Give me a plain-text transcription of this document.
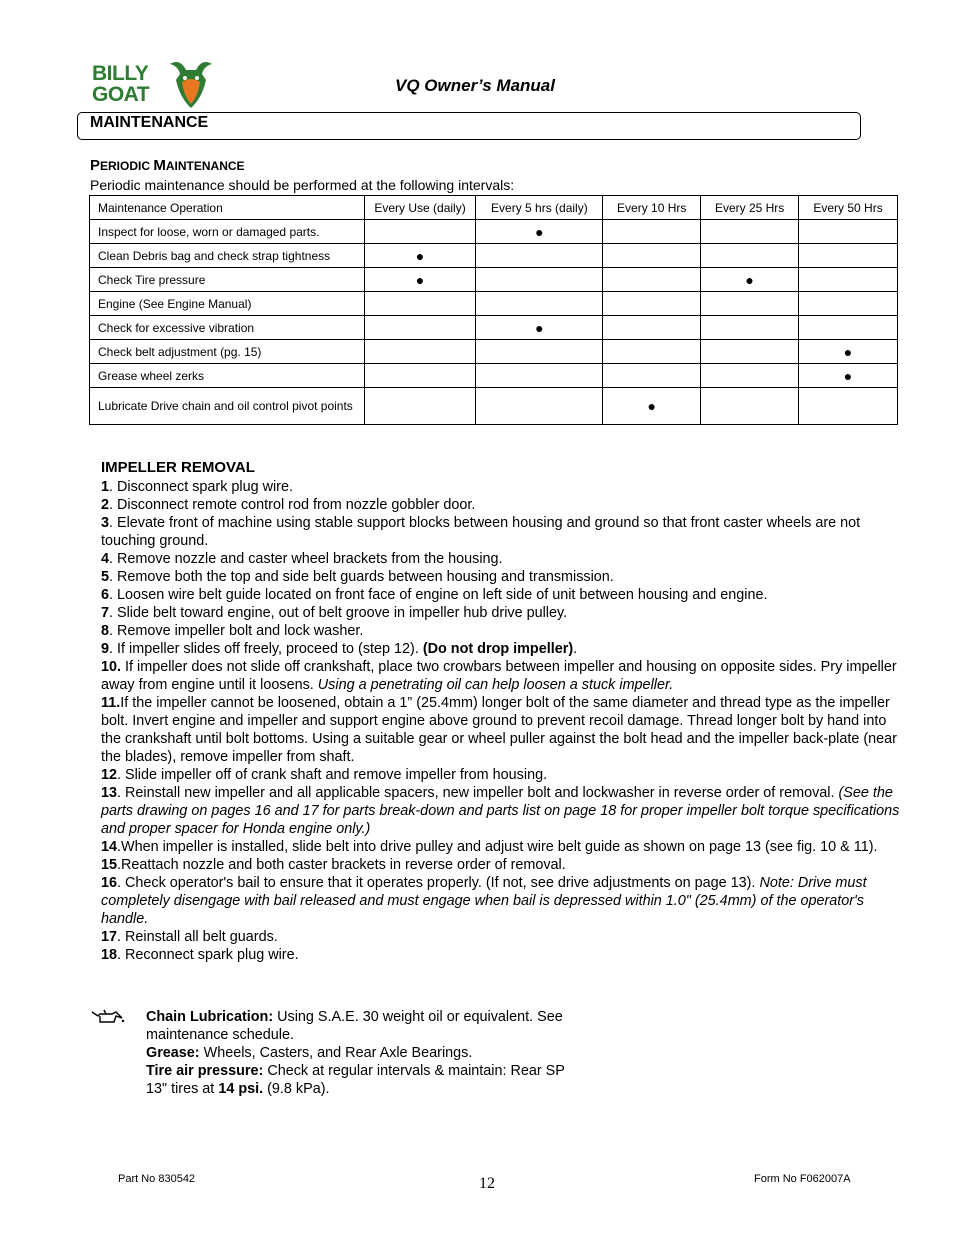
BILLY
GOAT	VQ Owner’s Manual
MAINTENANCE
PERIODIC MAINTENANCE
Periodic maintenance should be performed at the following intervals:
Maintenance Operation	Every Use (daily)	Every 5 hrs (daily)	Every 10 Hrs	Every 25 Hrs	Every 50 Hrs
Inspect for loose, worn or damaged parts.		●			
Clean Debris bag and check strap tightness	●				
Check Tire pressure	●			●	
Engine (See Engine Manual)					
Check for excessive vibration		●			
Check belt adjustment (pg. 15)					●
Grease wheel zerks					●
Lubricate Drive chain and oil control pivot points			●		
IMPELLER REMOVAL

1. Disconnect spark plug wire.

2. Disconnect remote control rod from nozzle gobbler door.

3. Elevate front of machine using stable support blocks between housing and ground so that front caster wheels are not touching ground.

4. Remove nozzle and caster wheel brackets from the housing.

5. Remove both the top and side belt guards between housing and transmission.

6. Loosen wire belt guide located on front face of engine on left side of unit between housing and engine.

7. Slide belt toward engine, out of belt groove in impeller hub drive pulley.

8. Remove impeller bolt and lock washer.

9. If impeller slides off freely, proceed to (step 12). (Do not drop impeller).

10. If impeller does not slide off crankshaft, place two crowbars between impeller and housing on opposite sides. Pry impeller away from engine until it loosens. Using a penetrating oil can help loosen a stuck impeller.

11.If the impeller cannot be loosened, obtain a 1” (25.4mm) longer bolt of the same diameter and thread type as the impeller bolt. Invert engine and impeller and support engine above ground to prevent recoil damage. Thread longer bolt by hand into the crankshaft until bolt bottoms. Using a suitable gear or wheel puller against the bolt head and the impeller back-plate (near the blades), remove impeller from shaft.

12. Slide impeller off of crank shaft and remove impeller from housing.

13. Reinstall new impeller and all applicable spacers, new impeller bolt and lockwasher in reverse order of removal. (See the parts drawing on pages 16 and 17 for parts break-down and parts list on page 18 for proper impeller bolt torque specifications and proper spacer for Honda engine only.)

14.When impeller is installed, slide belt into drive pulley and adjust wire belt guide as shown on page 13 (see fig. 10 & 11).

15.Reattach nozzle and both caster brackets in reverse order of removal.

16. Check operator's bail to ensure that it operates properly. (If not, see drive adjustments on page 13). Note: Drive must completely disengage with bail released and must engage when bail is depressed within 1.0" (25.4mm) of the operator's handle.

17. Reinstall all belt guards.

18. Reconnect spark plug wire.

Chain Lubrication: Using S.A.E. 30 weight oil or equivalent. See maintenance schedule.

Grease: Wheels, Casters, and Rear Axle Bearings.

Tire air pressure: Check at regular intervals & maintain: Rear SP 13" tires at 14 psi. (9.8 kPa).

Part No 830542	12	Form No F062007A
